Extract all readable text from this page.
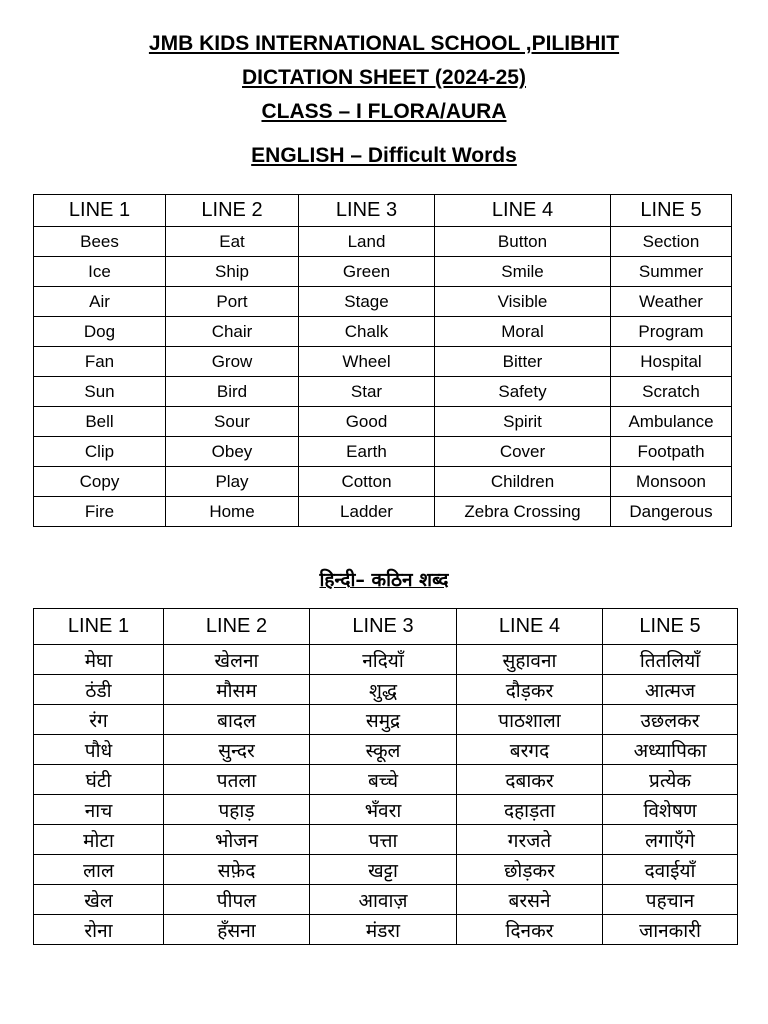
JMB KIDS INTERNATIONAL SCHOOL ,PILIBHIT
DICTATION SHEET (2024-25)
CLASS – I FLORA/AURA
ENGLISH – Difficult Words
LINE 1	LINE 2	LINE 3	LINE 4	LINE 5
Bees	Eat	Land	Button	Section
Ice	Ship	Green	Smile	Summer
Air	Port	Stage	Visible	Weather
Dog	Chair	Chalk	Moral	Program
Fan	Grow	Wheel	Bitter	Hospital
Sun	Bird	Star	Safety	Scratch
Bell	Sour	Good	Spirit	Ambulance
Clip	Obey	Earth	Cover	Footpath
Copy	Play	Cotton	Children	Monsoon
Fire	Home	Ladder	Zebra Crossing	Dangerous
हिन्दी– कठिन शब्द
LINE 1	LINE 2	LINE 3	LINE 4	LINE 5
मेघा	खेलना	नदियाँ	सुहावना	तितलियाँ
ठंडी	मौसम	शुद्ध	दौड़कर	आत्मज
रंग	बादल	समुद्र	पाठशाला	उछलकर
पौधे	सुन्दर	स्कूल	बरगद	अध्यापिका
घंटी	पतला	बच्चे	दबाकर	प्रत्येक
नाच	पहाड़	भँवरा	दहाड़ता	विशेषण
मोटा	भोजन	पत्ता	गरजते	लगाएँगे
लाल	सफ़ेद	खट्टा	छोड़कर	दवाईयाँ
खेल	पीपल	आवाज़	बरसने	पहचान
रोना	हँसना	मंडरा	दिनकर	जानकारी
